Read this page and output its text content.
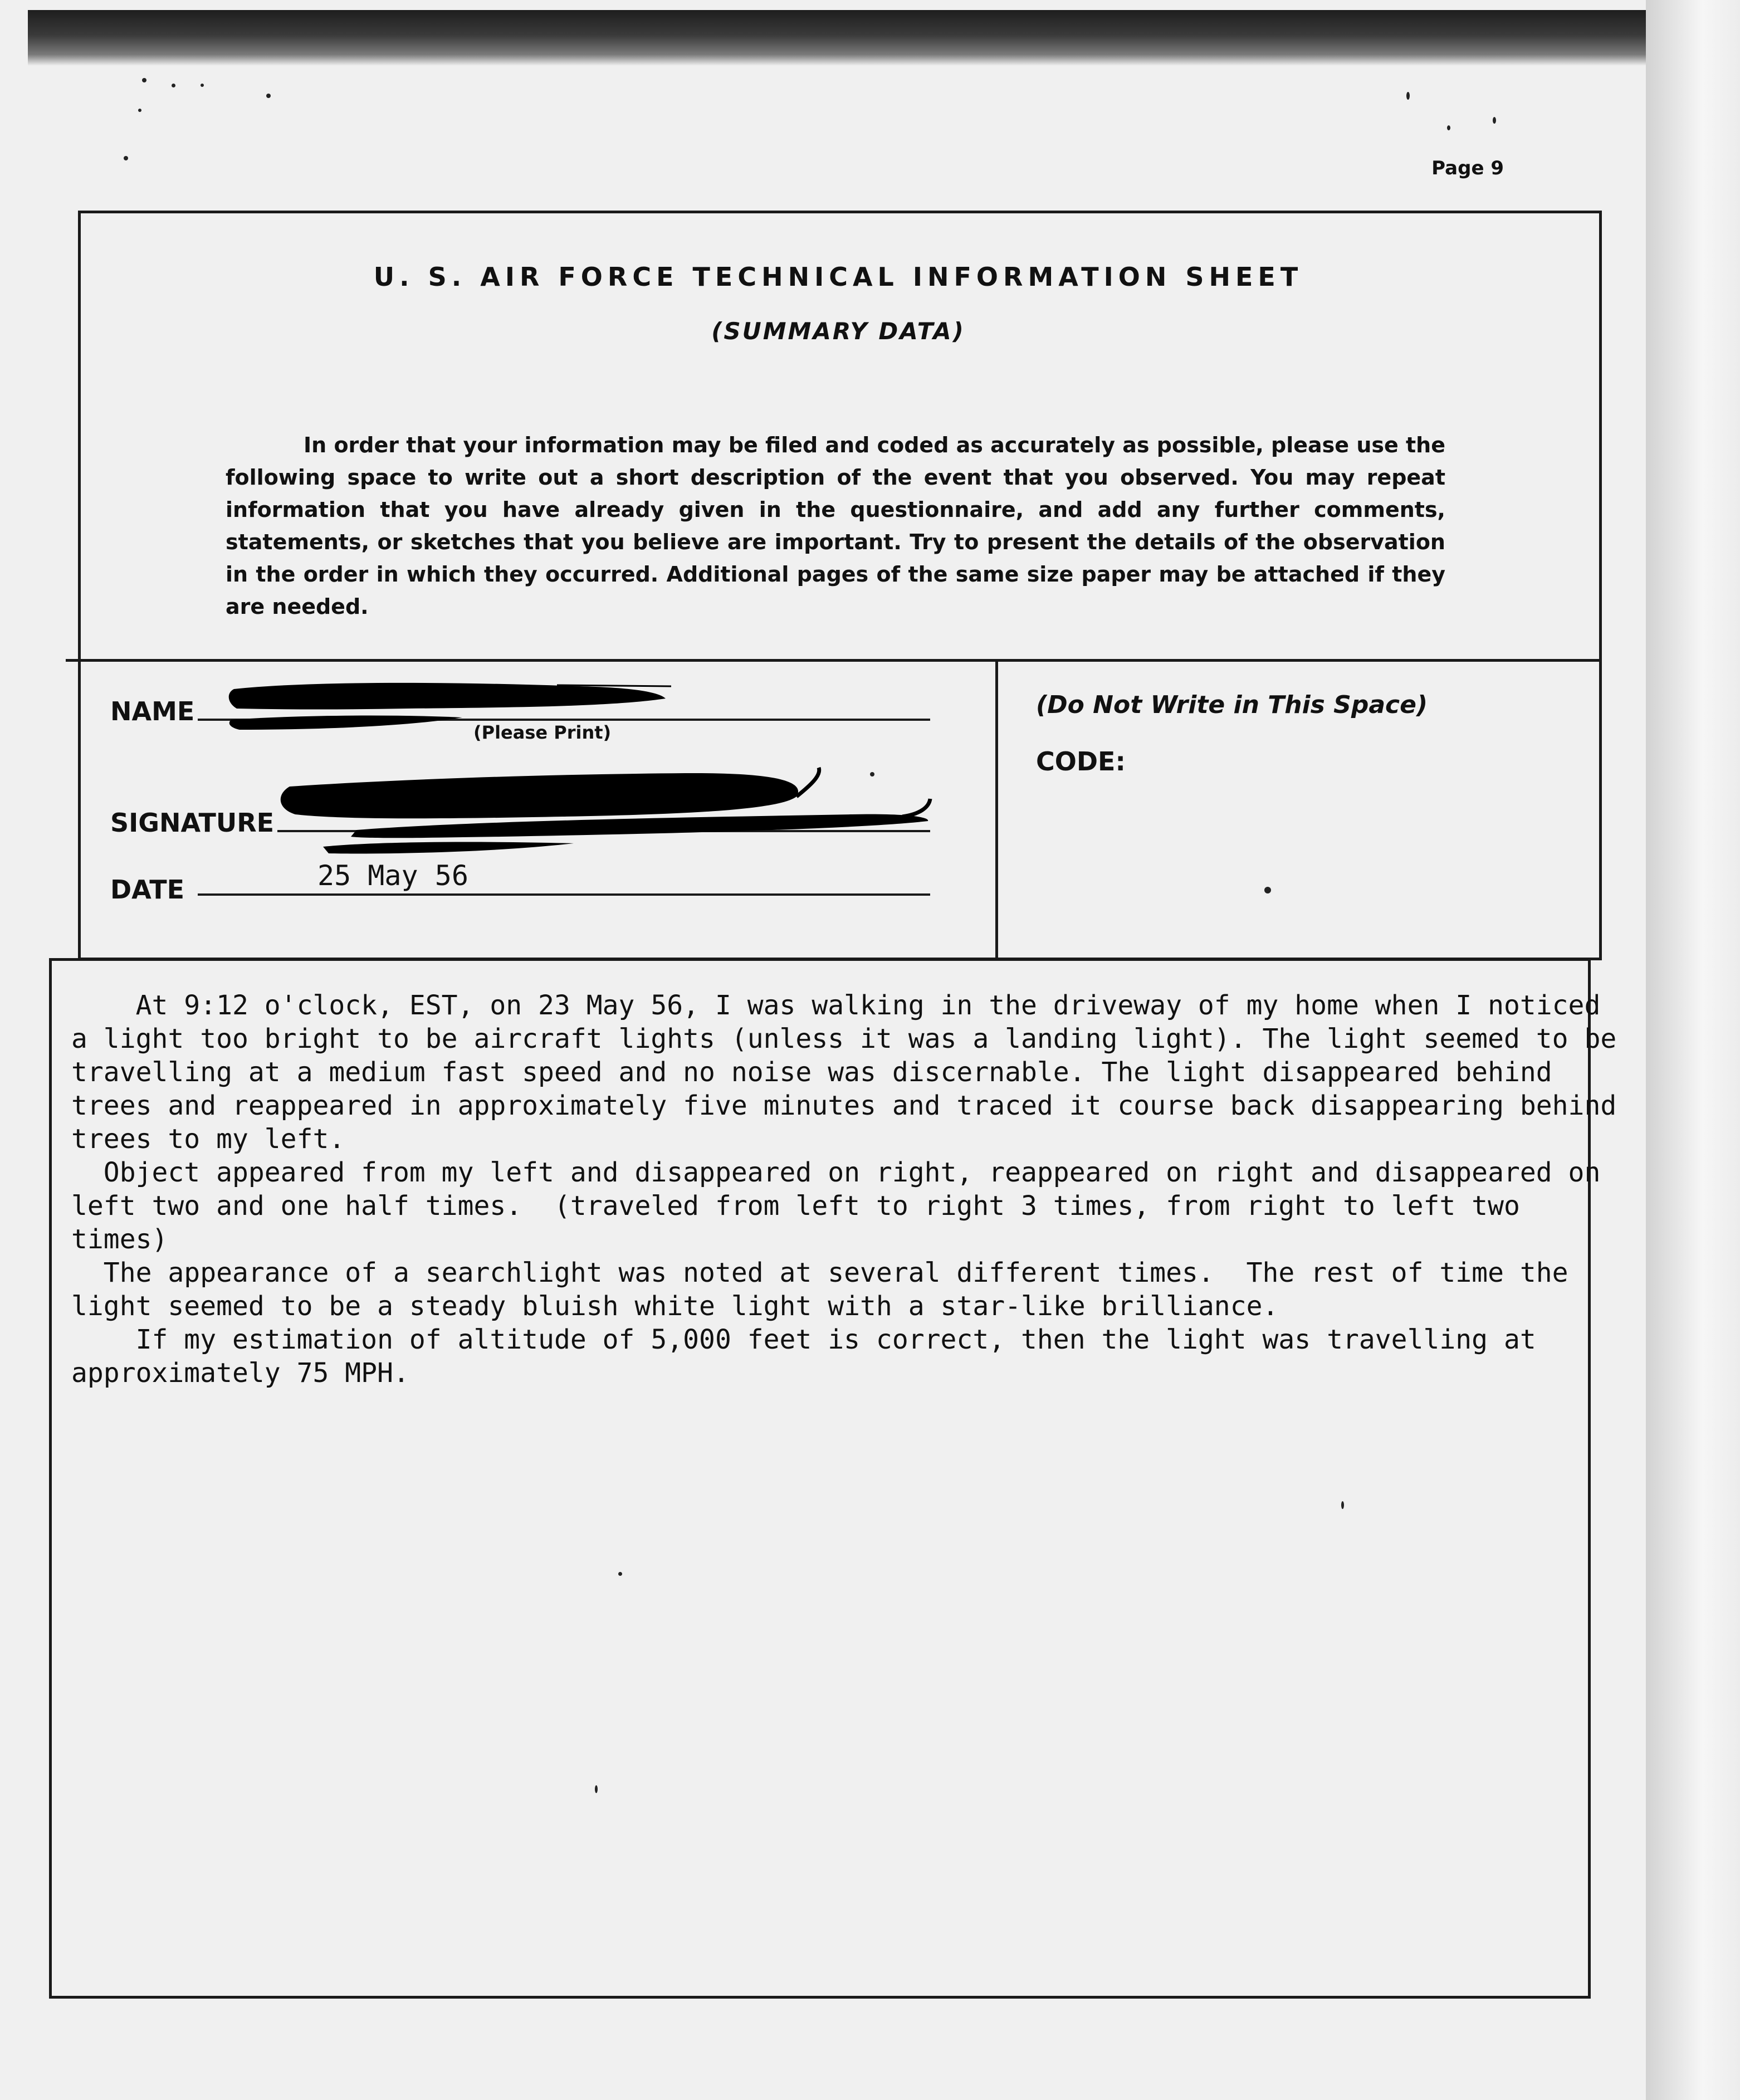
Page 9
U. S. AIR FORCE TECHNICAL INFORMATION SHEET
(SUMMARY DATA)
In order that your information may be filed and coded as accurately as possible, please use the following space to write out a short description of the event that you observed. You may repeat information that you have already given in the questionnaire, and add any further comments, statements, or sketches that you believe are important. Try to present the details of the observation in the order in which they occurred. Additional pages of the same size paper may be attached if they are needed.
NAME
(Please Print)
SIGNATURE
DATE	25 May 56
(Do Not Write in This Space)
CODE:

At 9:12 o'clock, EST, on 23 May 56, I was walking in the driveway of my home when I noticed a light too bright to be aircraft lights (unless it was a landing light). The light seemed to be travelling at a medium fast speed and no noise was discernable. The light disappeared behind trees and reappeared in approximately five minutes and traced it course back disappearing behind trees to my left.

Object appeared from my left and disappeared on right, reappeared on right and disappeared on left two and one half times.  (traveled from left to right 3 times, from right to left two times)

The appearance of a searchlight was noted at several different times.  The rest of time the light seemed to be a steady bluish white light with a star-like brilliance.

If my estimation of altitude of 5,000 feet is correct, then the light was travelling at approximately 75 MPH.
